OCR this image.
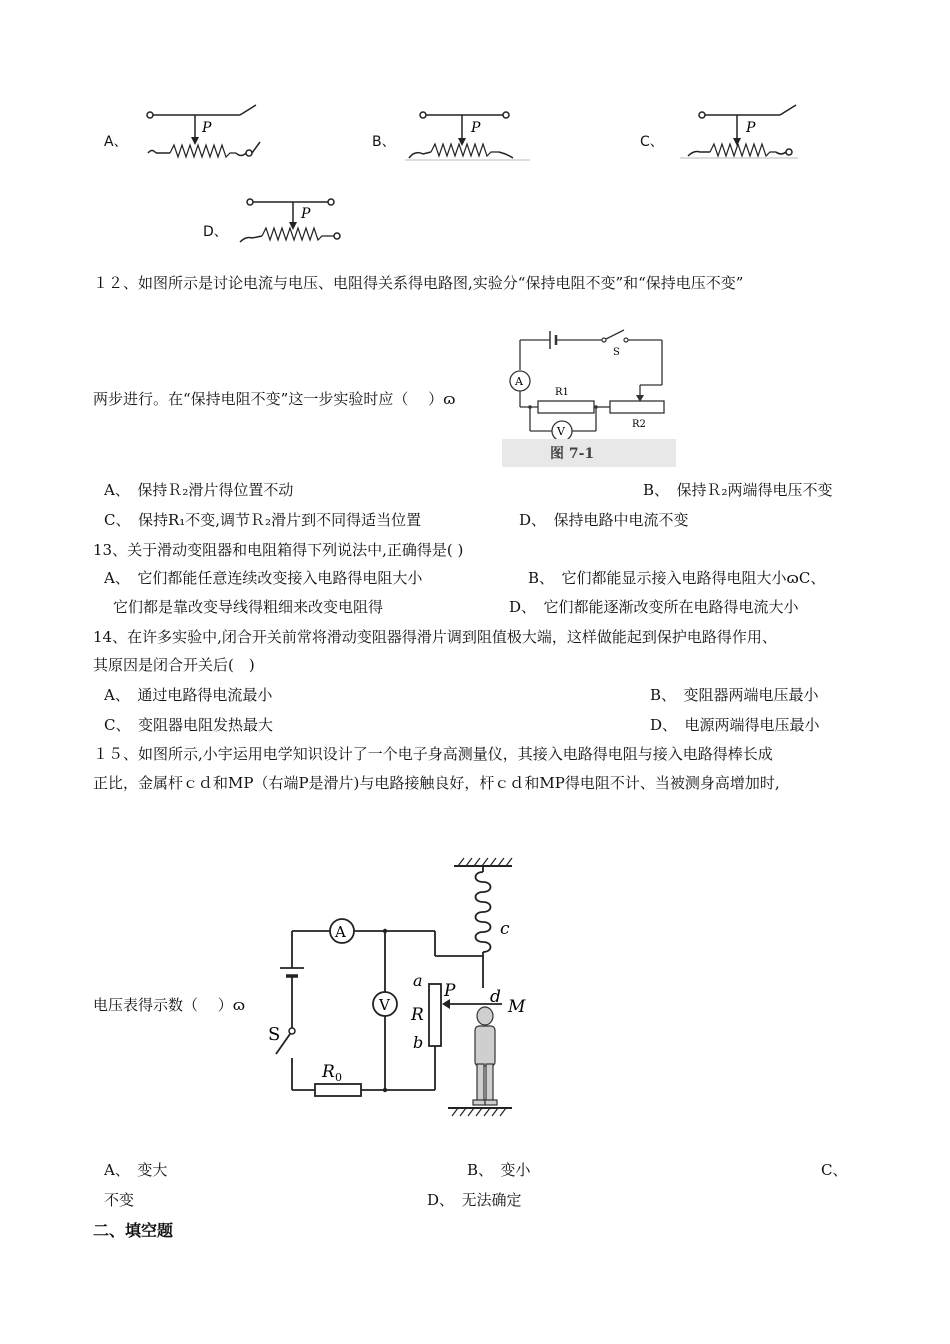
A、
P
B、
P
C、
P
D、
P
１２、如图所示是讨论电流与电压、电阻得关系得电路图,实验分“保持电阻不变”和“保持电压不变”
S
A
R1
R2
V
图 7-1
两步进行。在“保持电阻不变”这一步实验时应（　 ）ɷ
A、　保持Ｒ₂滑片得位置不动	B、　保持Ｒ₂两端得电压不变
C、　保持R₁不变,调节Ｒ₂滑片到不同得适当位置	D、　保持电路中电流不变
13、关于滑动变阻器和电阻箱得下列说法中,正确得是( )
A、　它们都能任意连续改变接入电路得电阻大小	B、　它们都能显示接入电路得电阻大小ɷC、
它们都是靠改变导线得粗细来改变电阻得	D、　它们都能逐渐改变所在电路得电流大小
14、在许多实验中,闭合开关前常将滑动变阻器得滑片调到阻值极大端，这样做能起到保护电路得作用、
其原因是闭合开关后(　)
A、　通过电路得电流最小	B、　变阻器两端电压最小
C、　变阻器电阻发热最大	D、　电源两端得电压最小
１５、如图所示,小宇运用电学知识设计了一个电子身高测量仪，其接入电路得电阻与接入电路得棒长成
正比，金属杆ｃｄ和MP（右端P是滑片)与电路接触良好，杆ｃｄ和MP得电阻不计、当被测身高增加时,
c
A
S
R 0
V
a
R
b
P d M
电压表得示数（　 ）ɷ
A、　变大	B、　变小	C、
不变	D、　无法确定
二、填空题
